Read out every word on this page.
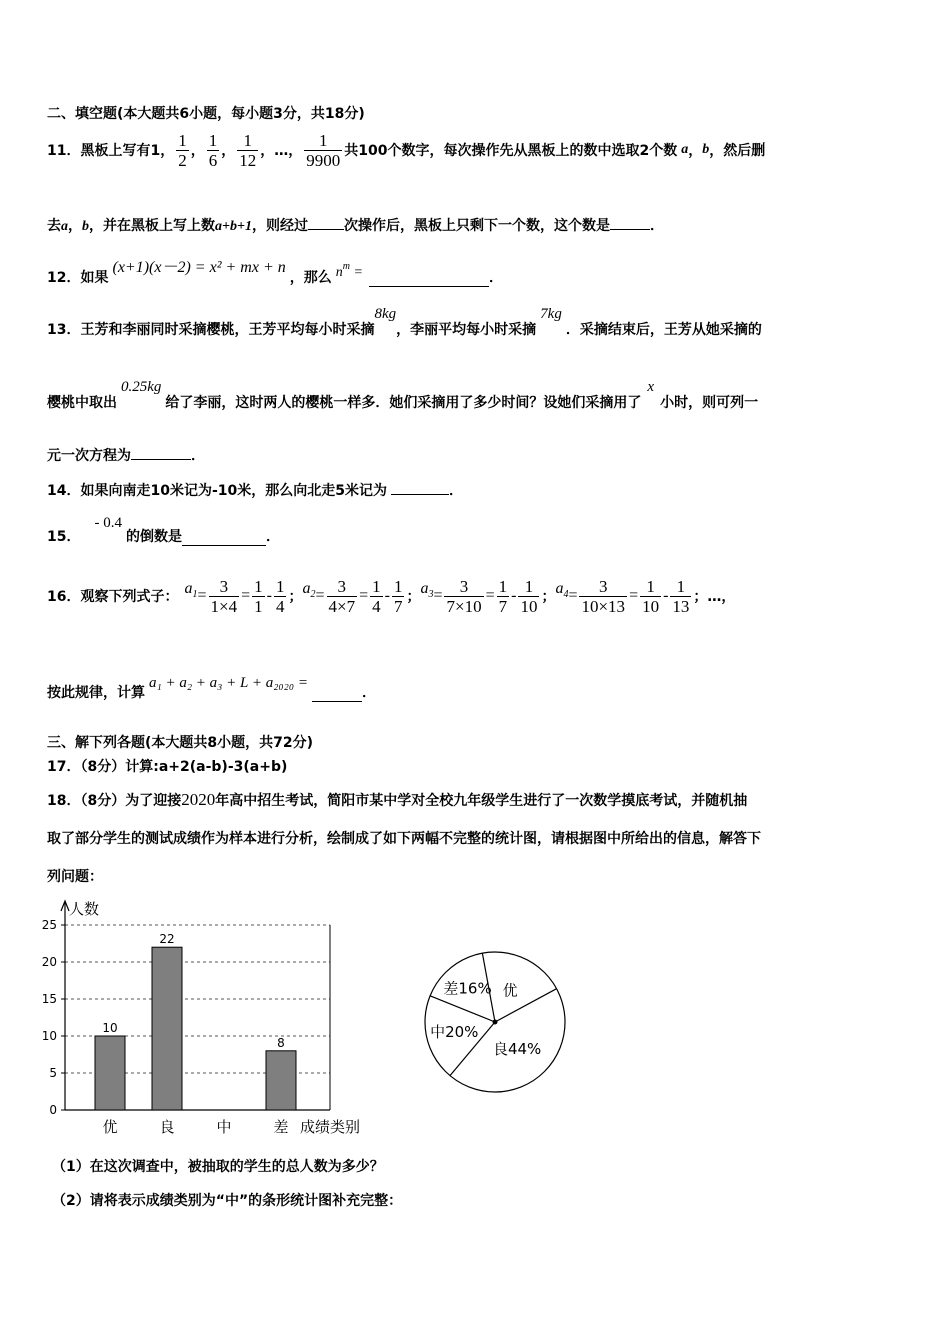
二、填空题(本大题共6小题，每小题3分，共18分)
11． 黑板上写有1， $\frac{1}{2}$ ， $\frac{1}{6}$ ， $\frac{1}{12}$ ，…， $\frac{1}{9900}$ 共100个数字，每次操作先从黑板上的数中选取2个数 a ， b ，然后删
去a，b，并在黑板上写上数a+b+1，则经过	次操作后，黑板上只剩下一个数，这个数是	．
12． 如果
(x+1)(x－2) = x² + mx + n
，那么 $n^m$ =	．
13． 王芳和李丽同时采摘樱桃，王芳平均每小时采摘
8kg
，李丽平均每小时采摘
7kg
．采摘结束后，王芳从她采摘的
樱桃中取出
0.25kg
给了李丽，这时两人的樱桃一样多．她们采摘用了多少时间？设她们采摘用了
x
小时，则可列一
元一次方程为	．
14．如果向南走10米记为-10米，那么向北走5米记为	．
15．
- 0.4
的倒数是	．
16． 观察下列式子： $a_1 = \frac{3}{1\times 4} = \frac{1}{1} - \frac{1}{4}$ ； $a_2 = \frac{3}{4\times 7} = \frac{1}{4} - \frac{1}{7}$ ； $a_3 = \frac{3}{7\times 10} = \frac{1}{7} - \frac{1}{10}$ ； $a_4 = \frac{3}{10\times 13} = \frac{1}{10} - \frac{1}{13}$ ；…，
按此规律，计算
a₁ + a₂ + a₃ + L + a₂₀₂₀ =
．
三、解下列各题(本大题共8小题，共72分)
17．（8分）计算:a+2(a-b)-3(a+b)
18．（8分）为了迎接2020年高中招生考试，简阳市某中学对全校九年级学生进行了一次数学摸底考试，并随机抽
取了部分学生的测试成绩作为样本进行分析，绘制成了如下两幅不完整的统计图，请根据图中所给出的信息，解答下
列问题：
0
5
10
15
20
25
人数
成绩类别
优
10
良
22
中	差
8
差16% 优
良44%
中20%
（1）在这次调查中，被抽取的学生的总人数为多少？
（2）请将表示成绩类别为“中”的条形统计图补充完整：
